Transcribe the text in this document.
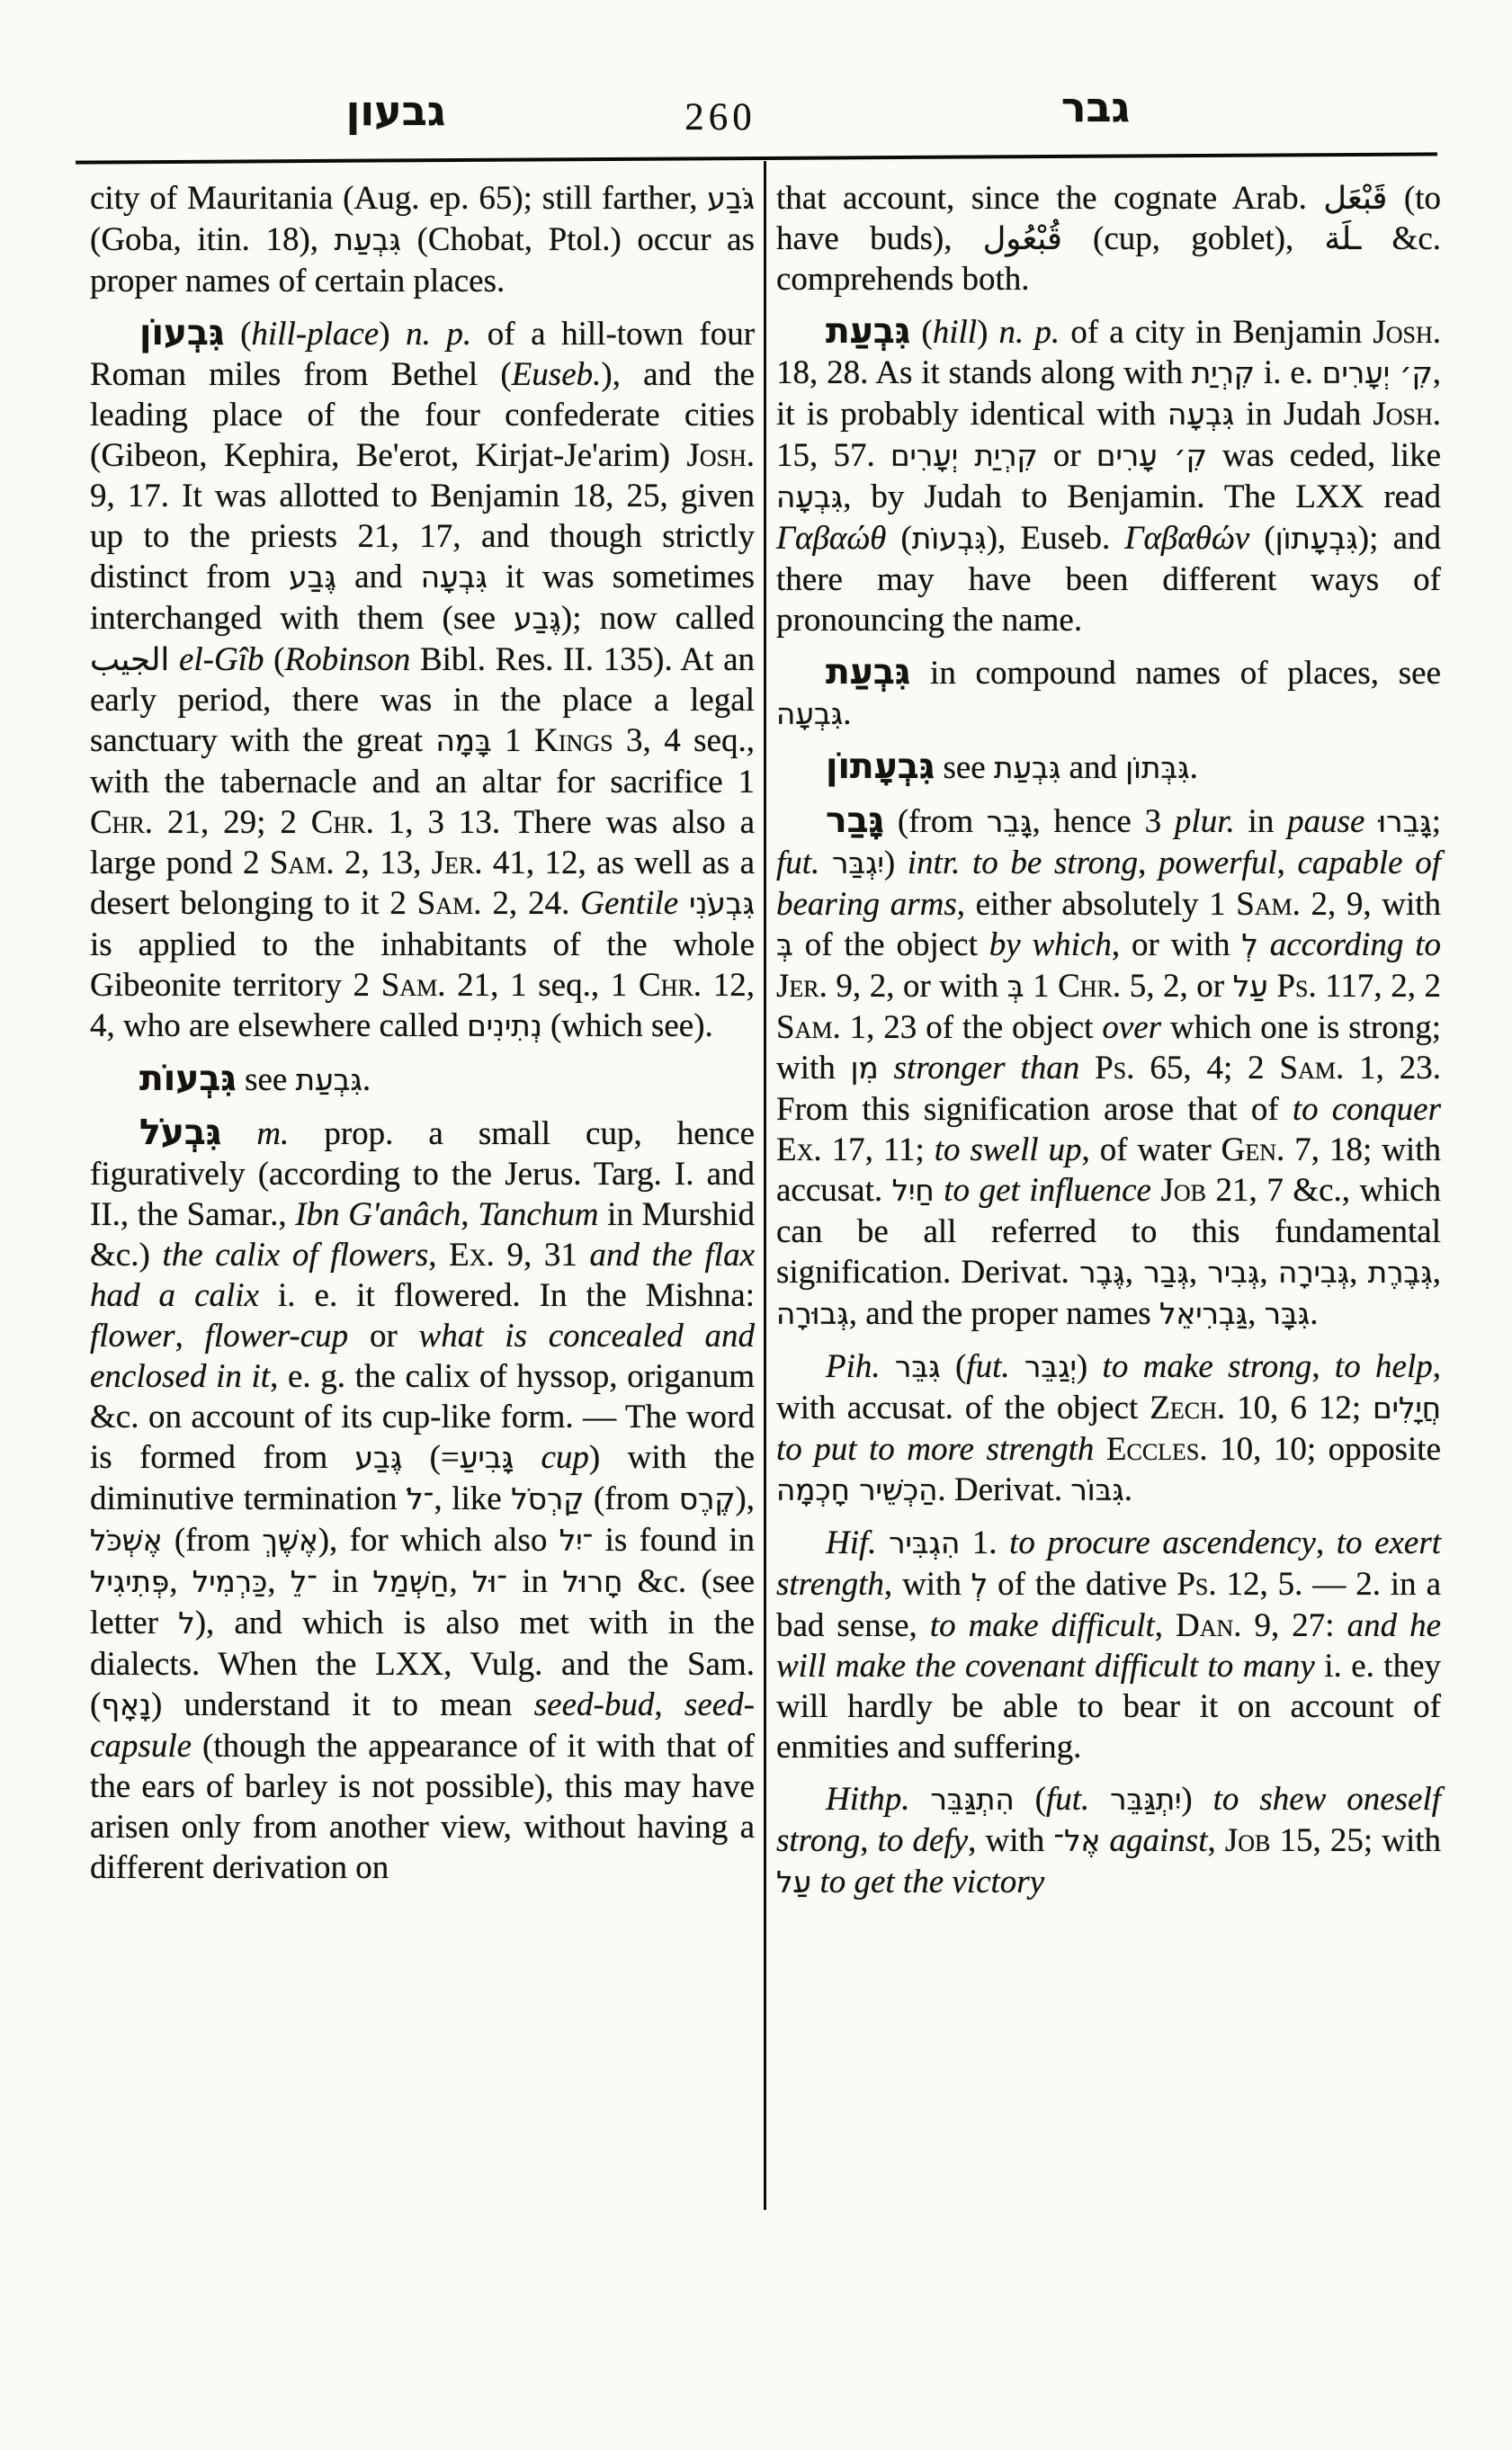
גבעון	260	גבר

city of Mauritania (Aug. ep. 65); still farther, גֹּבַע (Goba, itin. 18), גִּבְעַת (Chobat, Ptol.) occur as proper names of certain places.

גִּבְעוֹן (hill-place) n. p. of a hill-town four Roman miles from Bethel (Euseb.), and the leading place of the four confederate cities (Gibeon, Kephira, Be'erot, Kirjat-Je'arim) Josh. 9, 17. It was allotted to Benjamin 18, 25, given up to the priests 21, 17, and though strictly distinct from גֶּבַע and גִּבְעָה it was sometimes interchanged with them (see גֶּבַע); now called الجيب el-Gîb (Robinson Bibl. Res. II. 135). At an early period, there was in the place a legal sanctuary with the great בָּמָה 1 Kings 3, 4 seq., with the tabernacle and an altar for sacrifice 1 Chr. 21, 29; 2 Chr. 1, 3 13. There was also a large pond 2 Sam. 2, 13, Jer. 41, 12, as well as a desert belonging to it 2 Sam. 2, 24. Gentile גִּבְעֹנִי is applied to the inhabitants of the whole Gibeonite territory 2 Sam. 21, 1 seq., 1 Chr. 12, 4, who are elsewhere called נְתִינִים (which see).

גִּבְעוֹת see גִּבְעַת.

גִּבְעֹל m. prop. a small cup, hence figuratively (according to the Jerus. Targ. I. and II., the Samar., Ibn G'anâch, Tanchum in Murshid &c.) the calix of flowers, Ex. 9, 31 and the flax had a calix i. e. it flowered. In the Mishna: flower, flower-cup or what is concealed and enclosed in it, e. g. the calix of hyssop, origanum &c. on account of its cup-like form. — The word is formed from גֶּבַע (=גָּבִיעַ cup) with the diminutive termination ־לֹ, like קַרְסֹל (from קֶרֶס), אֶשְׁכֹּל (from אֶשֶׁךְ), for which also ־יִל is found in פְּתִיגִיל, כַּרְמִיל, ־לֵ in חַשְׁמַל, ־וּל in חָרוּל &c. (see letter ל), and which is also met with in the dialects. When the LXX, Vulg. and the Sam. (נָאָף) understand it to mean seed-bud, seed-capsule (though the appearance of it with that of the ears of barley is not possible), this may have arisen only from another view, without having a different derivation on

that account, since the cognate Arab. قَبْعَل (to have buds), قُبْعُول (cup, goblet), ـلَة &c. comprehends both.

גִּבְעַת (hill) n. p. of a city in Benjamin Josh. 18, 28. As it stands along with קִרְיַת i. e. קִ׳ יְעָרִים, it is probably identical with גִּבְעָה in Judah Josh. 15, 57. קִרְיַת יְעָרִים or קִ׳ עָרִים was ceded, like גִּבְעָה, by Judah to Benjamin. The LXX read Γαβαώθ (גִּבְעוֹת), Euseb. Γαβαθών (גִּבְעָתוֹן); and there may have been different ways of pronouncing the name.

גִּבְעַת in compound names of places, see גִּבְעָה.

גִּבְעָתוֹן see גִּבְעַת and גִּבְּתוֹן.

גָּבַר (from גָּבֵר, hence 3 plur. in pause גָּבֵרוּ; fut. יִגְבַּר) intr. to be strong, powerful, capable of bearing arms, either absolutely 1 Sam. 2, 9, with בְּ of the object by which, or with לְ according to Jer. 9, 2, or with בְּ 1 Chr. 5, 2, or עַל Ps. 117, 2, 2 Sam. 1, 23 of the object over which one is strong; with מִן stronger than Ps. 65, 4; 2 Sam. 1, 23. From this signification arose that of to conquer Ex. 17, 11; to swell up, of water Gen. 7, 18; with accusat. חַיִל to get influence Job 21, 7 &c., which can be all referred to this fundamental signification. Derivat. גֶּבֶר, גְּבַר, גְּבִיר, גְּבִירָה, גְּבֶרֶת, גְּבוּרָה, and the proper names גַּבְרִיאֵל, גִּבָּר.

Pih. גִּבֵּר (fut. יְגַבֵּר) to make strong, to help, with accusat. of the object Zech. 10, 6 12; חֲיָלִים to put to more strength Eccles. 10, 10; opposite הַכְשֵׁיר חָכְמָה. Derivat. גִּבּוֹר.

Hif. הִגְבִּיר 1. to procure ascendency, to exert strength, with לְ of the dative Ps. 12, 5. — 2. in a bad sense, to make difficult, Dan. 9, 27: and he will make the covenant difficult to many i. e. they will hardly be able to bear it on account of enmities and suffering.

Hithp. הִתְגַּבֵּר (fut. יִתְגַּבֵּר) to shew oneself strong, to defy, with אֶל־ against, Job 15, 25; with עַל to get the victory
